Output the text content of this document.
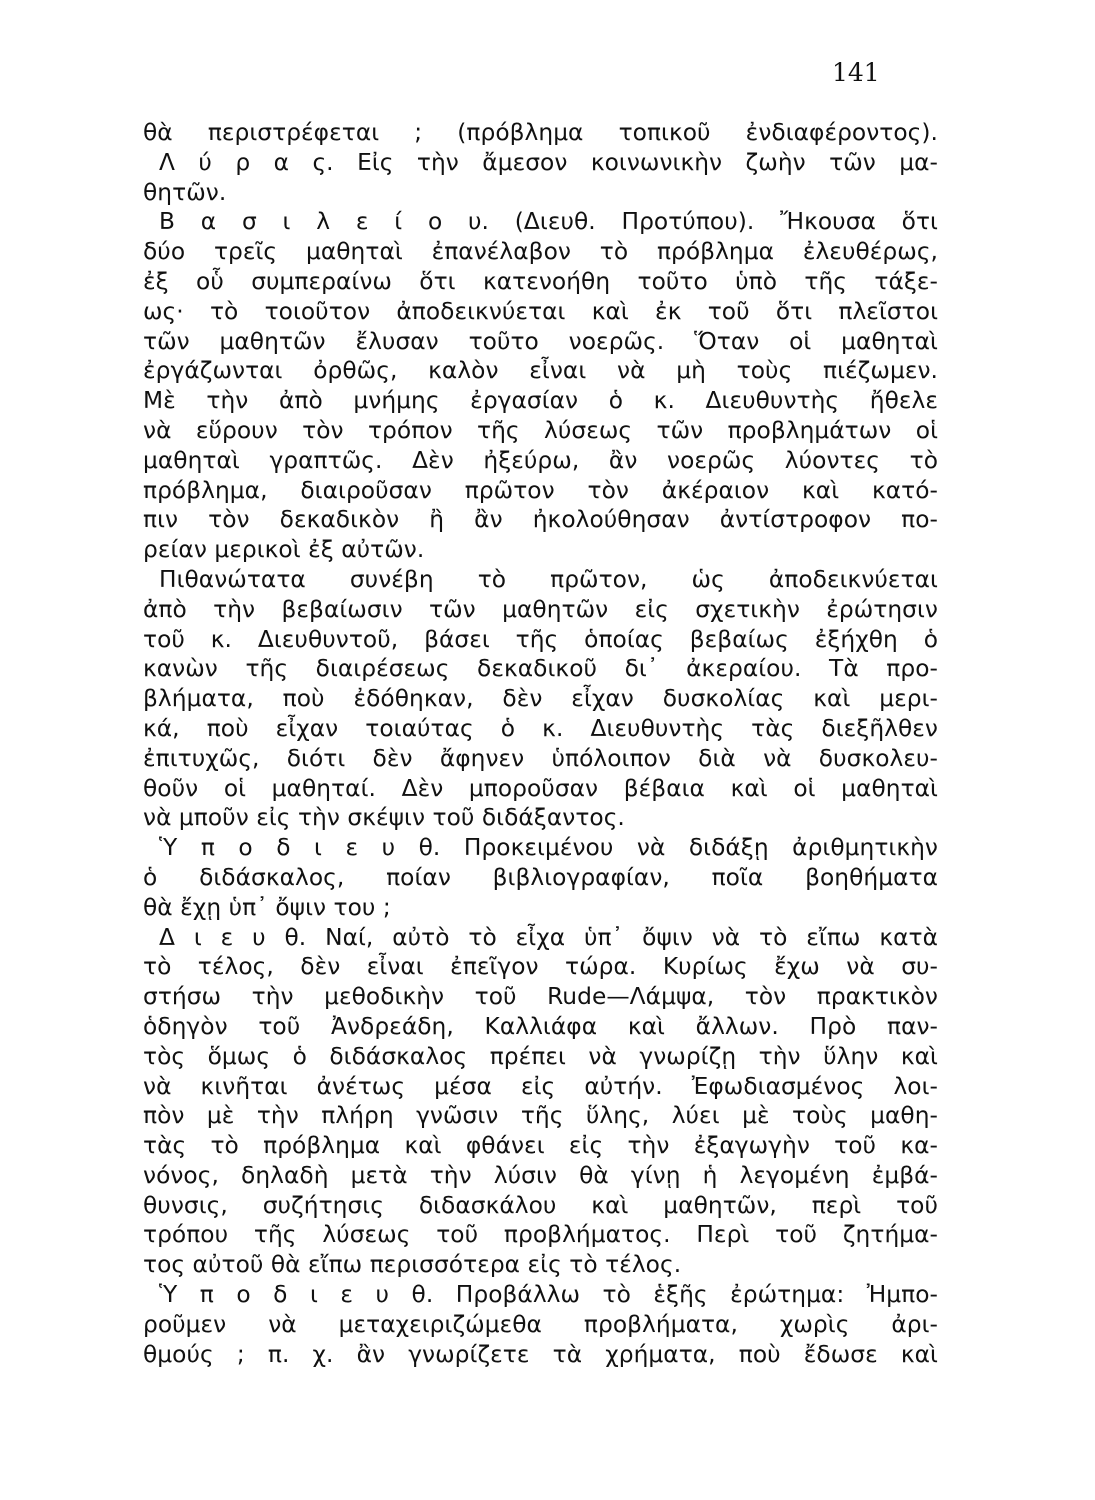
141
θὰ περιστρέφεται ; (πρόβλημα τοπικοῦ ἐνδιαφέροντος).
Λ ύ ρ α ς. Εἰς τὴν ἄμεσον κοινωνικὴν ζωὴν τῶν μα-
θητῶν.
Β α σ ι λ ε ί ο υ. (Διευθ. Προτύπου). Ἤκουσα ὅτι
δύο τρεῖς μαθηταὶ ἐπανέλαβον τὸ πρόβλημα ἐλευθέρως,
ἐξ οὗ συμπεραίνω ὅτι κατενοήθη τοῦτο ὑπὸ τῆς τάξε-
ως· τὸ τοιοῦτον ἀποδεικνύεται καὶ ἐκ τοῦ ὅτι πλεῖστοι
τῶν μαθητῶν ἔλυσαν τοῦτο νοερῶς. Ὅταν οἱ μαθηταὶ
ἐργάζωνται ὀρθῶς, καλὸν εἶναι νὰ μὴ τοὺς πιέζωμεν.
Μὲ τὴν ἀπὸ μνήμης ἐργασίαν ὁ κ. Διευθυντὴς ἤθελε
νὰ εὕρουν τὸν τρόπον τῆς λύσεως τῶν προβλημάτων οἱ
μαθηταὶ γραπτῶς. Δὲν ἠξεύρω, ἂν νοερῶς λύοντες τὸ
πρόβλημα, διαιροῦσαν πρῶτον τὸν ἀκέραιον καὶ κατό-
πιν τὸν δεκαδικὸν ἢ ἂν ἠκολούθησαν ἀντίστροφον πο-
ρείαν μερικοὶ ἐξ αὐτῶν.
Πιθανώτατα συνέβη τὸ πρῶτον, ὡς ἀποδεικνύεται
ἀπὸ τὴν βεβαίωσιν τῶν μαθητῶν εἰς σχετικὴν ἐρώτησιν
τοῦ κ. Διευθυντοῦ, βάσει τῆς ὁποίας βεβαίως ἐξήχθη ὁ
κανὼν τῆς διαιρέσεως δεκαδικοῦ δι᾽ ἀκεραίου. Τὰ προ-
βλήματα, ποὺ ἐδόθηκαν, δὲν εἶχαν δυσκολίας καὶ μερι-
κά, ποὺ εἶχαν τοιαύτας ὁ κ. Διευθυντὴς τὰς διεξῆλθεν
ἐπιτυχῶς, διότι δὲν ἄφηνεν ὑπόλοιπον διὰ νὰ δυσκολευ-
θοῦν οἱ μαθηταί. Δὲν μποροῦσαν βέβαια καὶ οἱ μαθηταὶ
νὰ μποῦν εἰς τὴν σκέψιν τοῦ διδάξαντος.
Ὑ π ο δ ι ε υ θ. Προκειμένου νὰ διδάξῃ ἀριθμητικὴν
ὁ διδάσκαλος, ποίαν βιβλιογραφίαν, ποῖα βοηθήματα
θὰ ἔχῃ ὑπ᾽ ὄψιν του ;
Δ ι ε υ θ. Ναί, αὐτὸ τὸ εἶχα ὑπ᾽ ὄψιν νὰ τὸ εἴπω κατὰ
τὸ τέλος, δὲν εἶναι ἐπεῖγον τώρα. Κυρίως ἔχω νὰ συ-
στήσω τὴν μεθοδικὴν τοῦ Rude—Λάμψα, τὸν πρακτικὸν
ὁδηγὸν τοῦ Ἀνδρεάδη, Καλλιάφα καὶ ἄλλων. Πρὸ παν-
τὸς ὅμως ὁ διδάσκαλος πρέπει νὰ γνωρίζῃ τὴν ὕλην καὶ
νὰ κινῆται ἀνέτως μέσα εἰς αὐτήν. Ἐφωδιασμένος λοι-
πὸν μὲ τὴν πλήρη γνῶσιν τῆς ὕλης, λύει μὲ τοὺς μαθη-
τὰς τὸ πρόβλημα καὶ φθάνει εἰς τὴν ἐξαγωγὴν τοῦ κα-
νόνος, δηλαδὴ μετὰ τὴν λύσιν θὰ γίνῃ ἡ λεγομένη ἐμβά-
θυνσις, συζήτησις διδασκάλου καὶ μαθητῶν, περὶ τοῦ
τρόπου τῆς λύσεως τοῦ προβλήματος. Περὶ τοῦ ζητήμα-
τος αὐτοῦ θὰ εἴπω περισσότερα εἰς τὸ τέλος.
Ὑ π ο δ ι ε υ θ. Προβάλλω τὸ ἑξῆς ἐρώτημα: Ἠμπο-
ροῦμεν νὰ μεταχειριζώμεθα προβλήματα, χωρὶς ἀρι-
θμούς ; π. χ. ἂν γνωρίζετε τὰ χρήματα, ποὺ ἔδωσε καὶ
